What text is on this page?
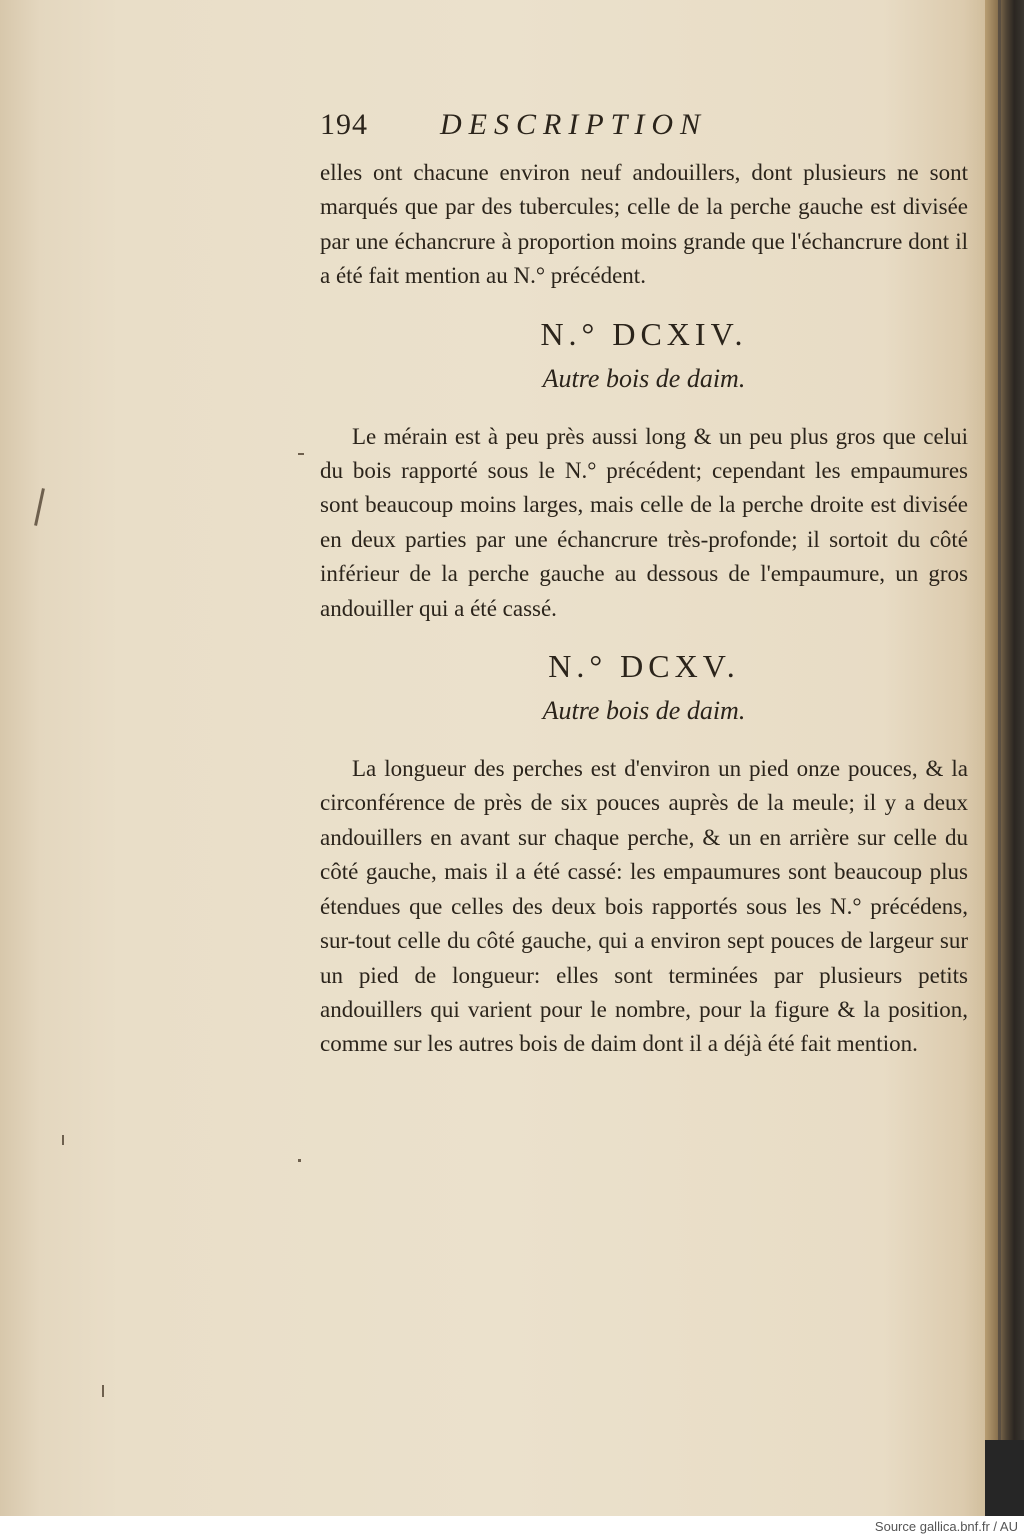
194	DESCRIPTION

elles ont chacune environ neuf andouillers, dont plusieurs ne sont marqués que par des tubercules; celle de la perche gauche est divisée par une échancrure à proportion moins grande que l'échancrure dont il a été fait mention au N.° précédent.

N.° DCXIV.
Autre bois de daim.

Le mérain est à peu près aussi long & un peu plus gros que celui du bois rapporté sous le N.° précédent; cependant les empaumures sont beaucoup moins larges, mais celle de la perche droite est divisée en deux parties par une échancrure très-profonde; il sortoit du côté inférieur de la perche gauche au dessous de l'empaumure, un gros andouiller qui a été cassé.

N.° DCXV.
Autre bois de daim.

La longueur des perches est d'environ un pied onze pouces, & la circonférence de près de six pouces auprès de la meule; il y a deux andouillers en avant sur chaque perche, & un en arrière sur celle du côté gauche, mais il a été cassé: les empaumures sont beaucoup plus étendues que celles des deux bois rapportés sous les N.° précédens, sur-tout celle du côté gauche, qui a environ sept pouces de largeur sur un pied de longueur: elles sont terminées par plusieurs petits andouillers qui varient pour le nombre, pour la figure & la position, comme sur les autres bois de daim dont il a déjà été fait mention.

Source gallica.bnf.fr / AU
